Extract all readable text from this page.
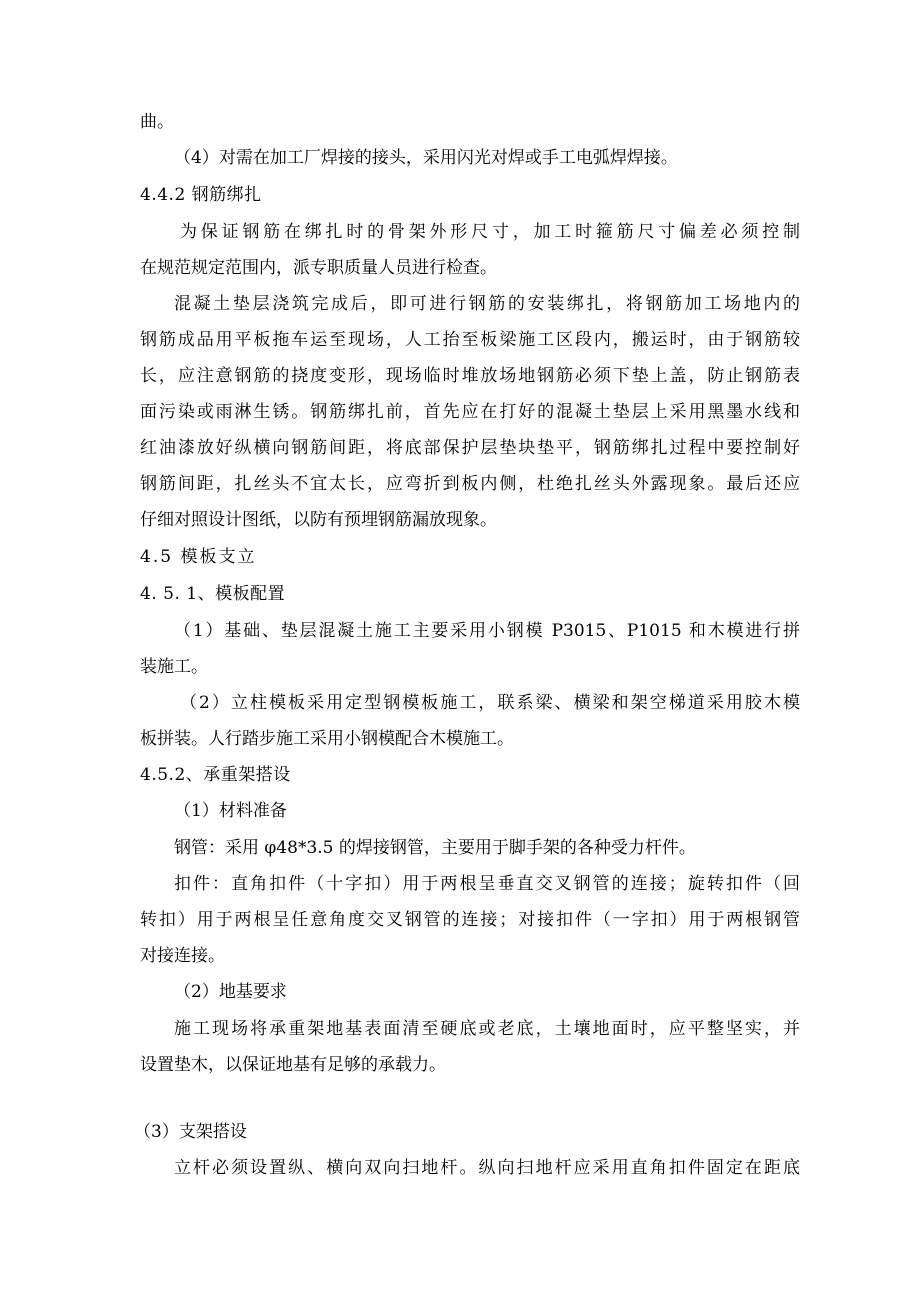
曲。
（4）对需在加工厂焊接的接头，采用闪光对焊或手工电弧焊焊接。
4.4.2 钢筋绑扎
为保证钢筋在绑扎时的骨架外形尺寸，加工时箍筋尺寸偏差必须控制
在规范规定范围内，派专职质量人员进行检查。
混凝土垫层浇筑完成后，即可进行钢筋的安装绑扎，将钢筋加工场地内的
钢筋成品用平板拖车运至现场，人工抬至板梁施工区段内，搬运时，由于钢筋较
长，应注意钢筋的挠度变形，现场临时堆放场地钢筋必须下垫上盖，防止钢筋表
面污染或雨淋生锈。钢筋绑扎前，首先应在打好的混凝土垫层上采用黑墨水线和
红油漆放好纵横向钢筋间距，将底部保护层垫块垫平，钢筋绑扎过程中要控制好
钢筋间距，扎丝头不宜太长，应弯折到板内侧，杜绝扎丝头外露现象。最后还应
仔细对照设计图纸，以防有预埋钢筋漏放现象。
4.5 模板支立
4. 5. 1、模板配置
（1）基础、垫层混凝土施工主要采用小钢模 P3015、P1015 和木模进行拼
装施工。
（2）立柱模板采用定型钢模板施工，联系梁、横梁和架空梯道采用胶木模
板拼装。人行踏步施工采用小钢模配合木模施工。
4.5.2、承重架搭设
（1）材料准备
钢管：采用 φ48*3.5 的焊接钢管，主要用于脚手架的各种受力杆件。
扣件：直角扣件（十字扣）用于两根呈垂直交叉钢管的连接；旋转扣件（回
转扣）用于两根呈任意角度交叉钢管的连接；对接扣件（一字扣）用于两根钢管
对接连接。
（2）地基要求
施工现场将承重架地基表面清至硬底或老底，土壤地面时，应平整坚实，并
设置垫木，以保证地基有足够的承载力。
（3）支架搭设
立杆必须设置纵、横向双向扫地杆。纵向扫地杆应采用直角扣件固定在距底
